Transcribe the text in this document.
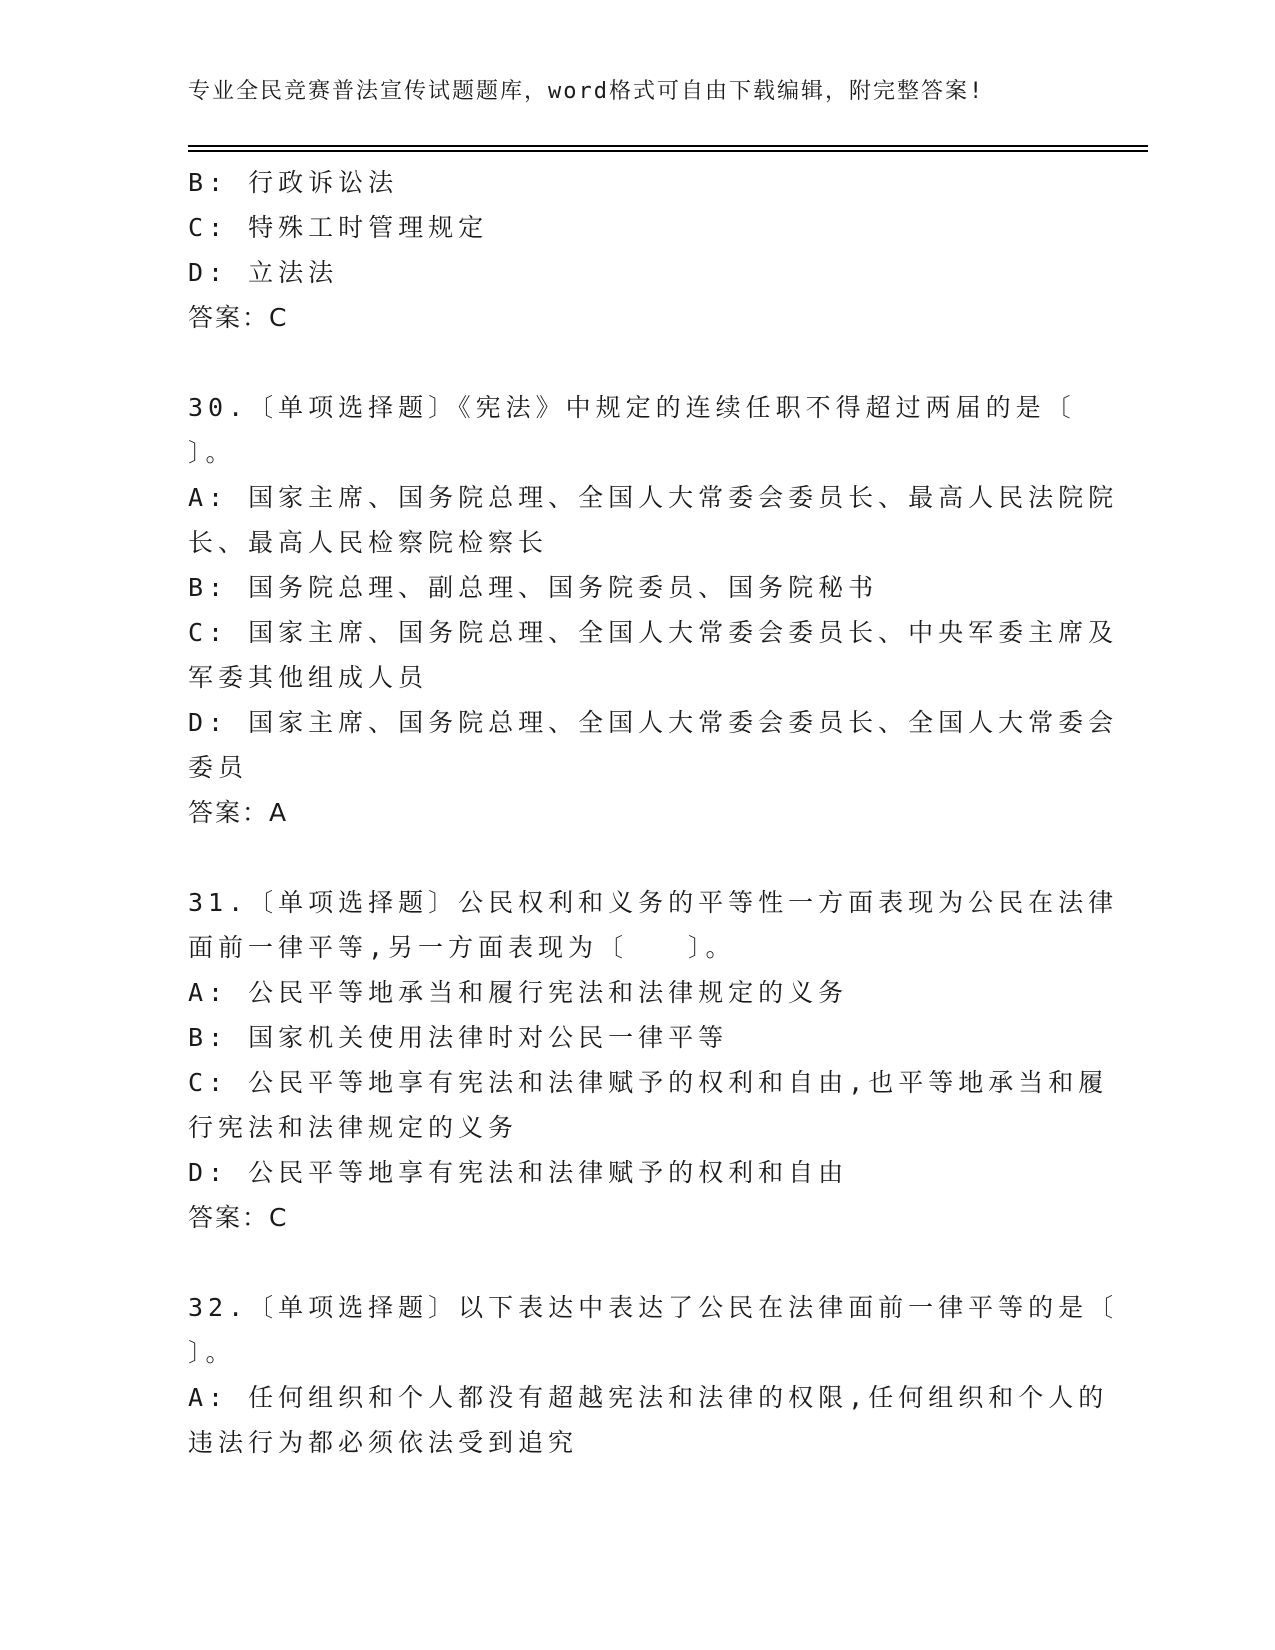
专业全民竞赛普法宣传试题题库，word格式可自由下载编辑，附完整答案!
B: 行政诉讼法
C: 特殊工时管理规定
D: 立法法
答案：C
30.〔单项选择题〕《宪法》中规定的连续任职不得超过两届的是〔
〕。
A: 国家主席、国务院总理、全国人大常委会委员长、最高人民法院院
长、最高人民检察院检察长
B: 国务院总理、副总理、国务院委员、国务院秘书
C: 国家主席、国务院总理、全国人大常委会委员长、中央军委主席及
军委其他组成人员
D: 国家主席、国务院总理、全国人大常委会委员长、全国人大常委会
委员
答案：A
31.〔单项选择题〕公民权利和义务的平等性一方面表现为公民在法律
面前一律平等,另一方面表现为〔　　〕。
A: 公民平等地承当和履行宪法和法律规定的义务
B: 国家机关使用法律时对公民一律平等
C: 公民平等地享有宪法和法律赋予的权利和自由,也平等地承当和履
行宪法和法律规定的义务
D: 公民平等地享有宪法和法律赋予的权利和自由
答案：C
32.〔单项选择题〕以下表达中表达了公民在法律面前一律平等的是〔
〕。
A: 任何组织和个人都没有超越宪法和法律的权限,任何组织和个人的
违法行为都必须依法受到追究
